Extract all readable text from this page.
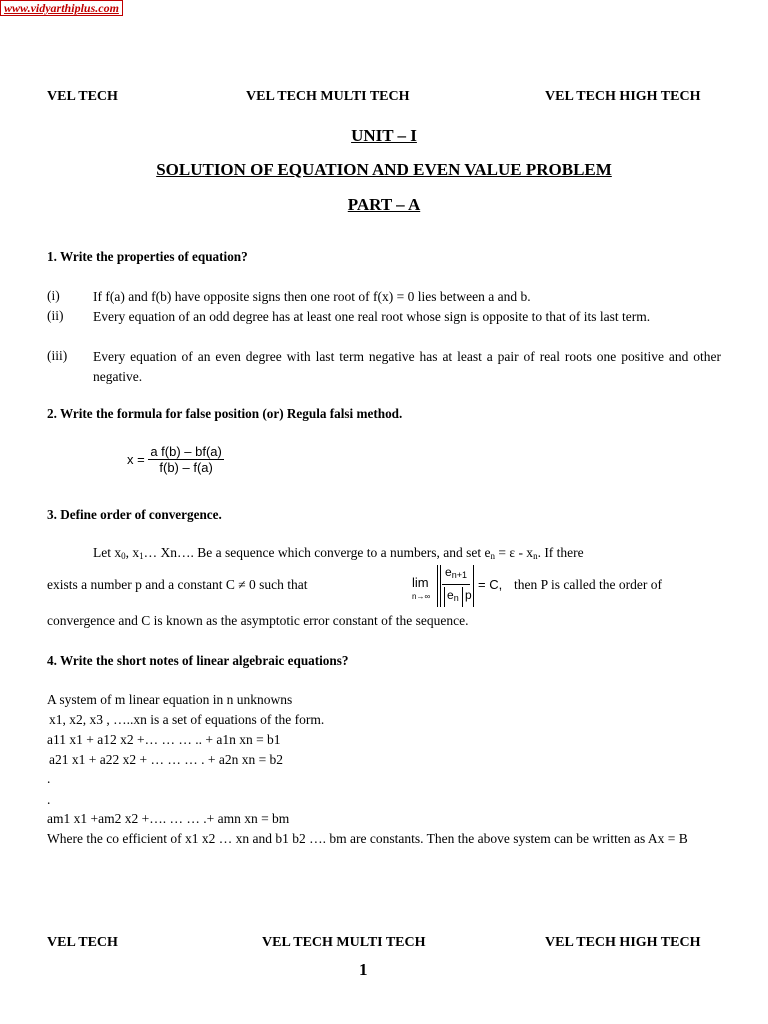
www.vidyarthiplus.com
VEL TECH	VEL TECH MULTI TECH	VEL TECH HIGH TECH
UNIT – I
SOLUTION OF EQUATION AND EVEN VALUE PROBLEM
PART – A
1. Write the properties of equation?
(i) If f(a) and f(b) have opposite signs then one root of f(x) = 0 lies between a and b.
(ii) Every equation of an odd degree has at least one real root whose sign is opposite to that of its last term.
(iii) Every equation of an even degree with last term negative has at least a pair of real roots one positive and other negative.
2. Write the formula for false position (or) Regula falsi method.
$x = \frac{\text{a f(b) – bf(a)}}{f(b) - f(a)}$
3. Define order of convergence.
Let $x_0$, $x_1\dots$ Xn…. Be a sequence which converge to a numbers, and set $e_n = \varepsilon - x_n$. If there
exists a number p and a constant C ≠ 0 such that	lim
n→∞
$e_{n+1}$
$e_n$ p
= C, then P is called the order of
convergence and C is known as the asymptotic error constant of the sequence.
4. Write the short notes of linear algebraic equations?
A system of m linear equation in n unknowns
x1, x2, x3 , …..xn is a set of equations of the form.
a11 x1 + a12 x2 +… … … .. + a1n xn = b1
a21 x1 + a22 x2 + … … … . + a2n xn = b2
.
.
am1 x1 +am2 x2 +…. … … .+ amn xn = bm
Where the co efficient of x1 x2 … xn and b1 b2 …. bm are constants. Then the above system can be written as Ax = B
VEL TECH	VEL TECH MULTI TECH	VEL TECH HIGH TECH
1
